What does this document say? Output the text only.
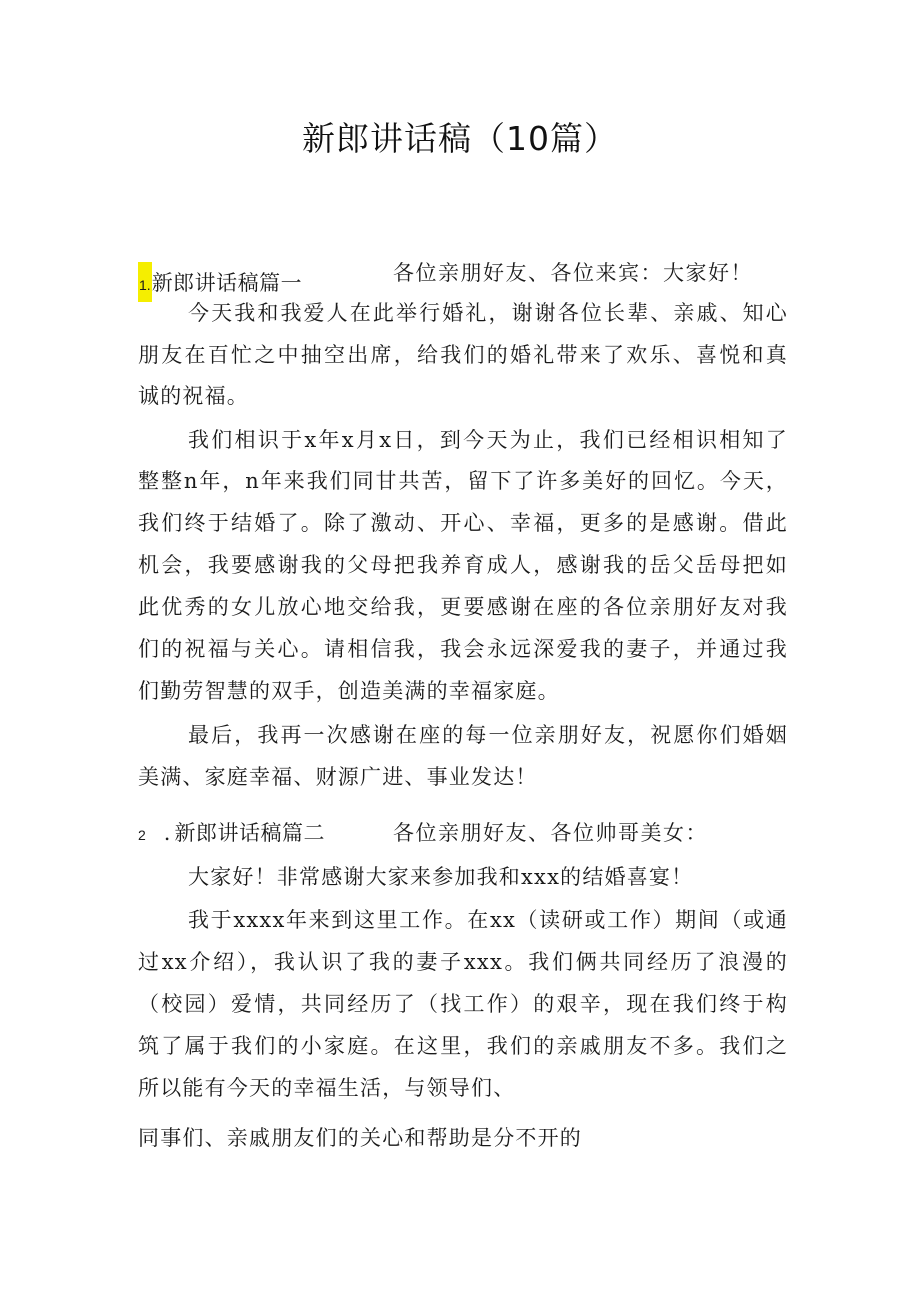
新郎讲话稿（10篇）
1.新郎讲话稿篇一	各位亲朋好友、各位来宾：大家好！
今天我和我爱人在此举行婚礼，谢谢各位长辈、亲戚、知心
朋友在百忙之中抽空出席，给我们的婚礼带来了欢乐、喜悦和真
诚的祝福。
我们相识于x年x月x日，到今天为止，我们已经相识相知了
整整n年，n年来我们同甘共苦，留下了许多美好的回忆。今天，
我们终于结婚了。除了激动、开心、幸福，更多的是感谢。借此
机会，我要感谢我的父母把我养育成人，感谢我的岳父岳母把如
此优秀的女儿放心地交给我，更要感谢在座的各位亲朋好友对我
们的祝福与关心。请相信我，我会永远深爱我的妻子，并通过我
们勤劳智慧的双手，创造美满的幸福家庭。
最后，我再一次感谢在座的每一位亲朋好友，祝愿你们婚姻
美满、家庭幸福、财源广进、事业发达！
2 . 新郎讲话稿篇二	各位亲朋好友、各位帅哥美女：
大家好！非常感谢大家来参加我和xxx的结婚喜宴！
我于xxxx年来到这里工作。在xx（读研或工作）期间（或通
过xx介绍），我认识了我的妻子xxx。我们俩共同经历了浪漫的
（校园）爱情，共同经历了（找工作）的艰辛，现在我们终于构
筑了属于我们的小家庭。在这里，我们的亲戚朋友不多。我们之
所以能有今天的幸福生活，与领导们、
同事们、亲戚朋友们的关心和帮助是分不开的
